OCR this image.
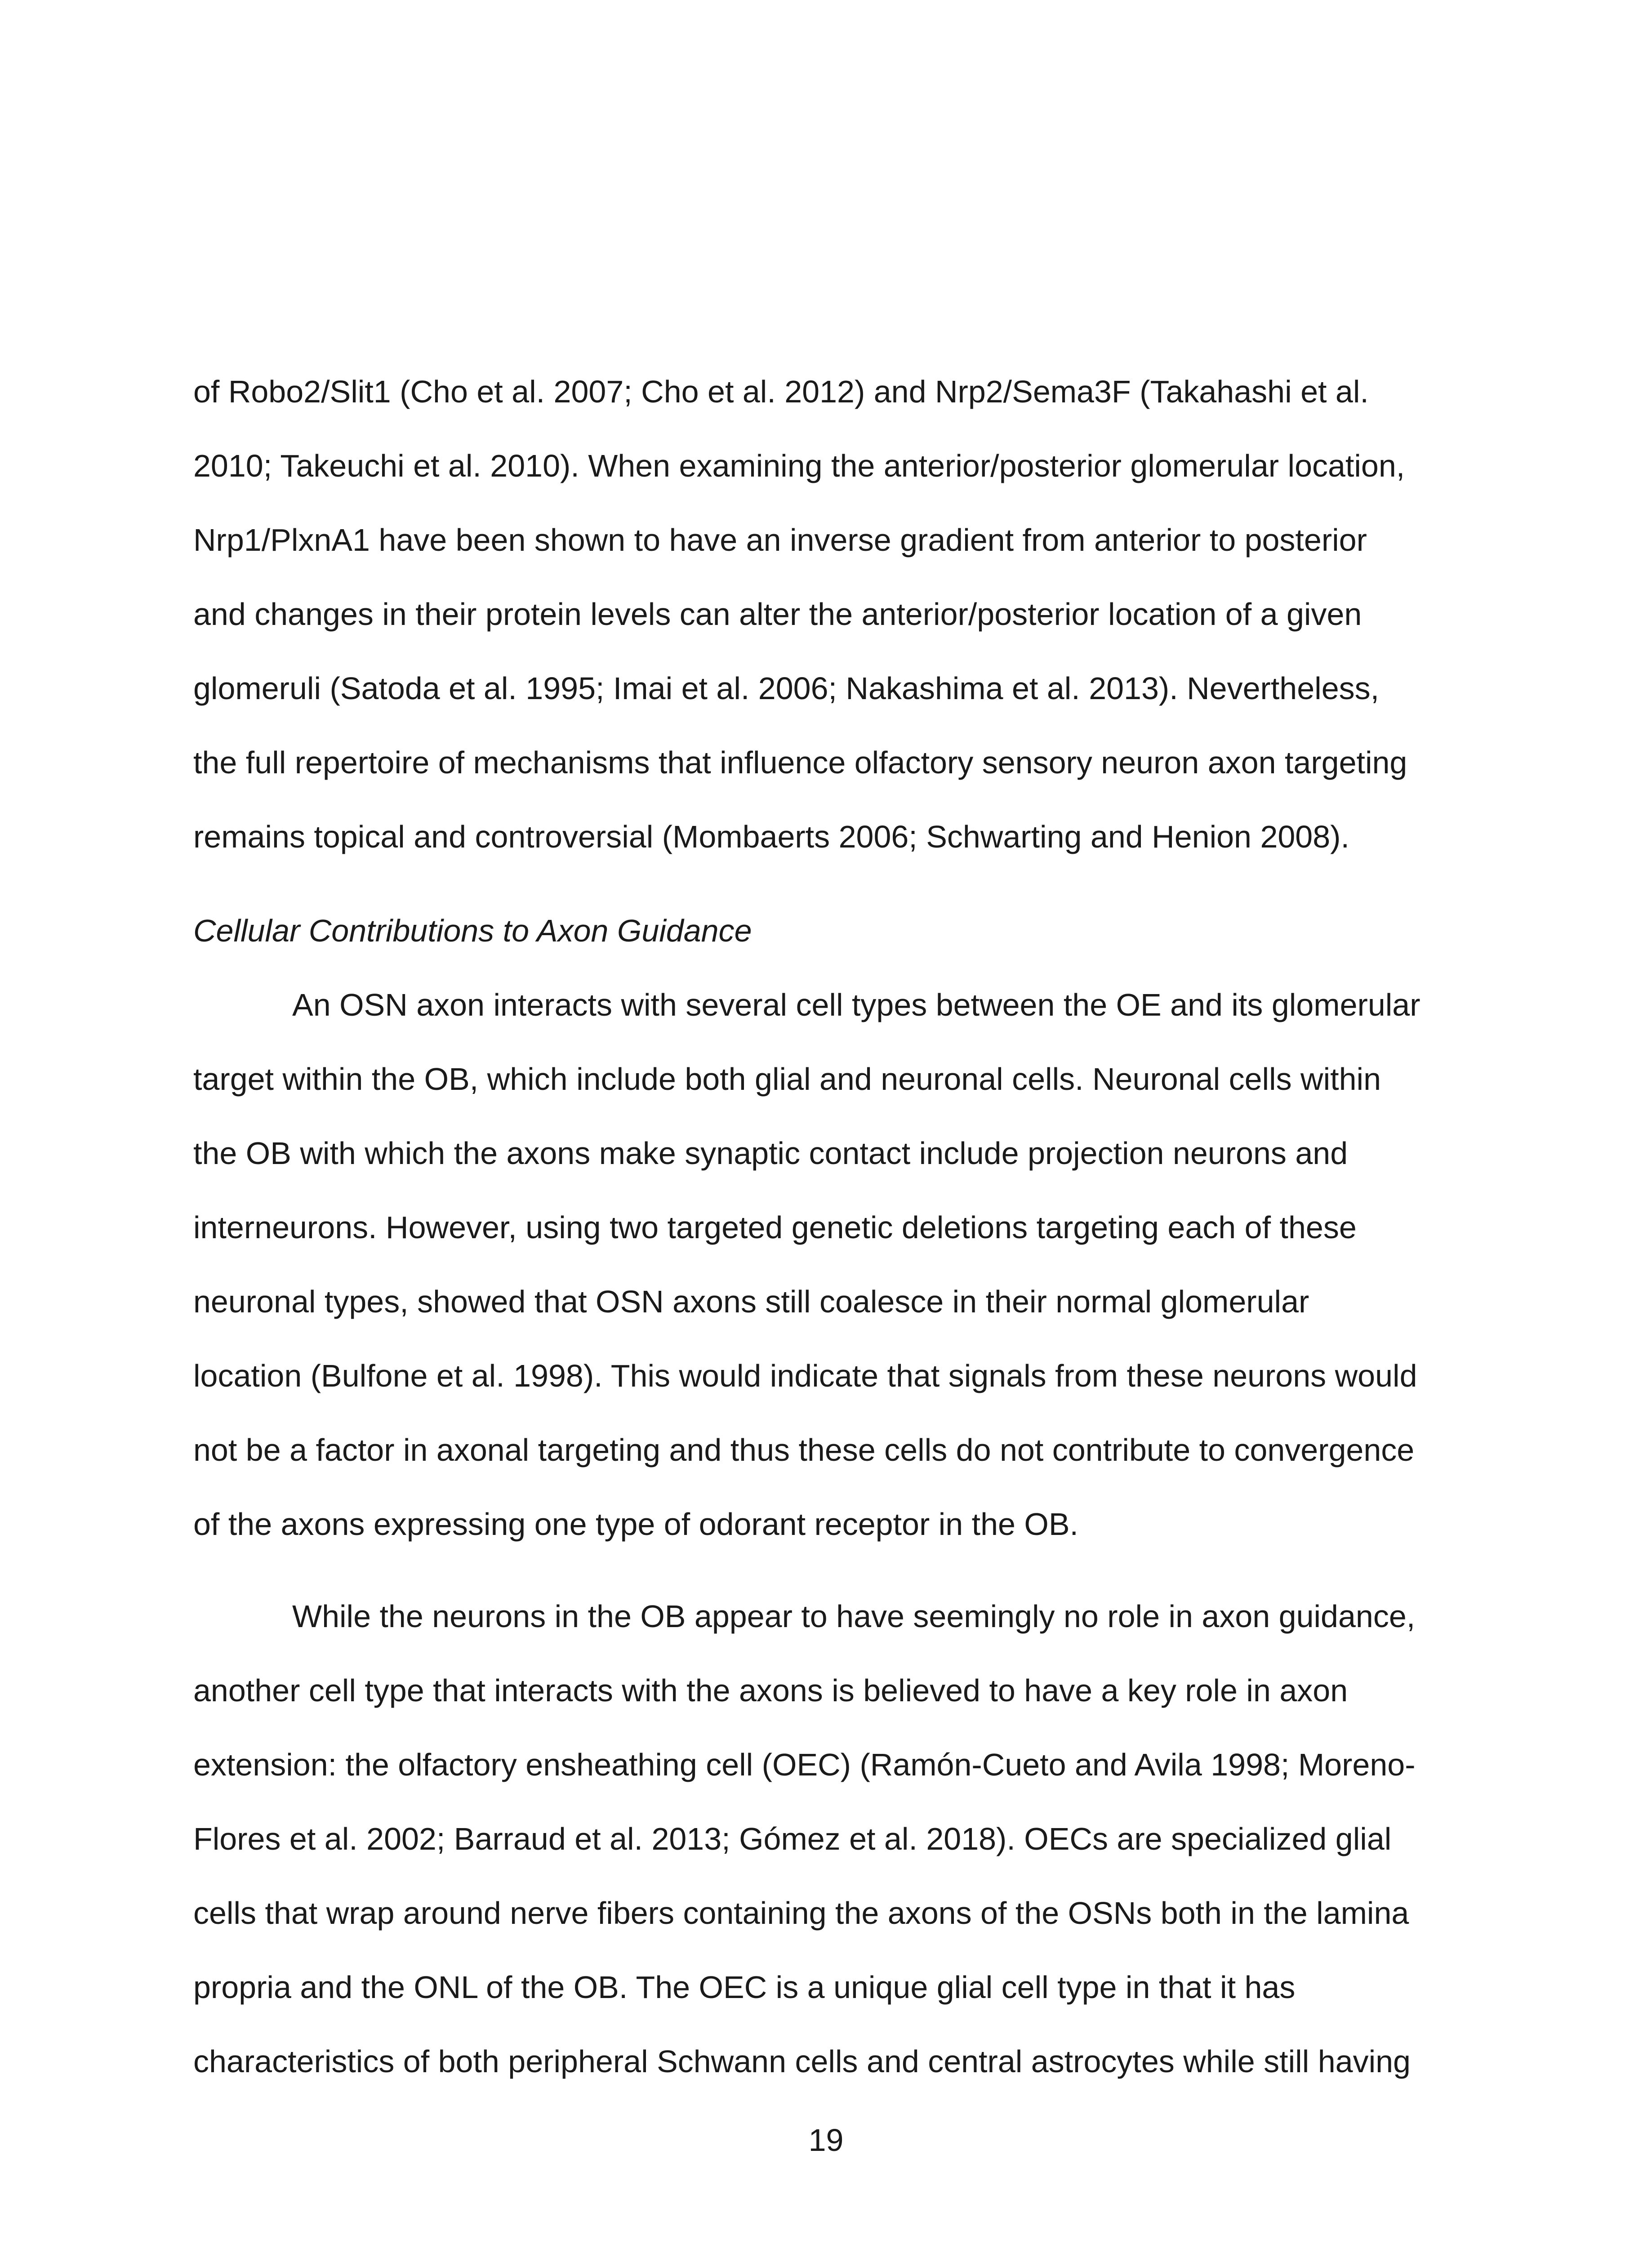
of Robo2/Slit1 (Cho et al. 2007; Cho et al. 2012) and Nrp2/Sema3F (Takahashi et al.
2010; Takeuchi et al. 2010). When examining the anterior/posterior glomerular location,
Nrp1/PlxnA1 have been shown to have an inverse gradient from anterior to posterior
and changes in their protein levels can alter the anterior/posterior location of a given
glomeruli (Satoda et al. 1995; Imai et al. 2006; Nakashima et al. 2013). Nevertheless,
the full repertoire of mechanisms that influence olfactory sensory neuron axon targeting
remains topical and controversial (Mombaerts 2006; Schwarting and Henion 2008).
Cellular Contributions to Axon Guidance
An OSN axon interacts with several cell types between the OE and its glomerular
target within the OB, which include both glial and neuronal cells. Neuronal cells within
the OB with which the axons make synaptic contact include projection neurons and
interneurons. However, using two targeted genetic deletions targeting each of these
neuronal types, showed that OSN axons still coalesce in their normal glomerular
location (Bulfone et al. 1998). This would indicate that signals from these neurons would
not be a factor in axonal targeting and thus these cells do not contribute to convergence
of the axons expressing one type of odorant receptor in the OB.
While the neurons in the OB appear to have seemingly no role in axon guidance,
another cell type that interacts with the axons is believed to have a key role in axon
extension: the olfactory ensheathing cell (OEC) (Ramón-Cueto and Avila 1998; Moreno-
Flores et al. 2002; Barraud et al. 2013; Gómez et al. 2018). OECs are specialized glial
cells that wrap around nerve fibers containing the axons of the OSNs both in the lamina
propria and the ONL of the OB. The OEC is a unique glial cell type in that it has
characteristics of both peripheral Schwann cells and central astrocytes while still having
19
